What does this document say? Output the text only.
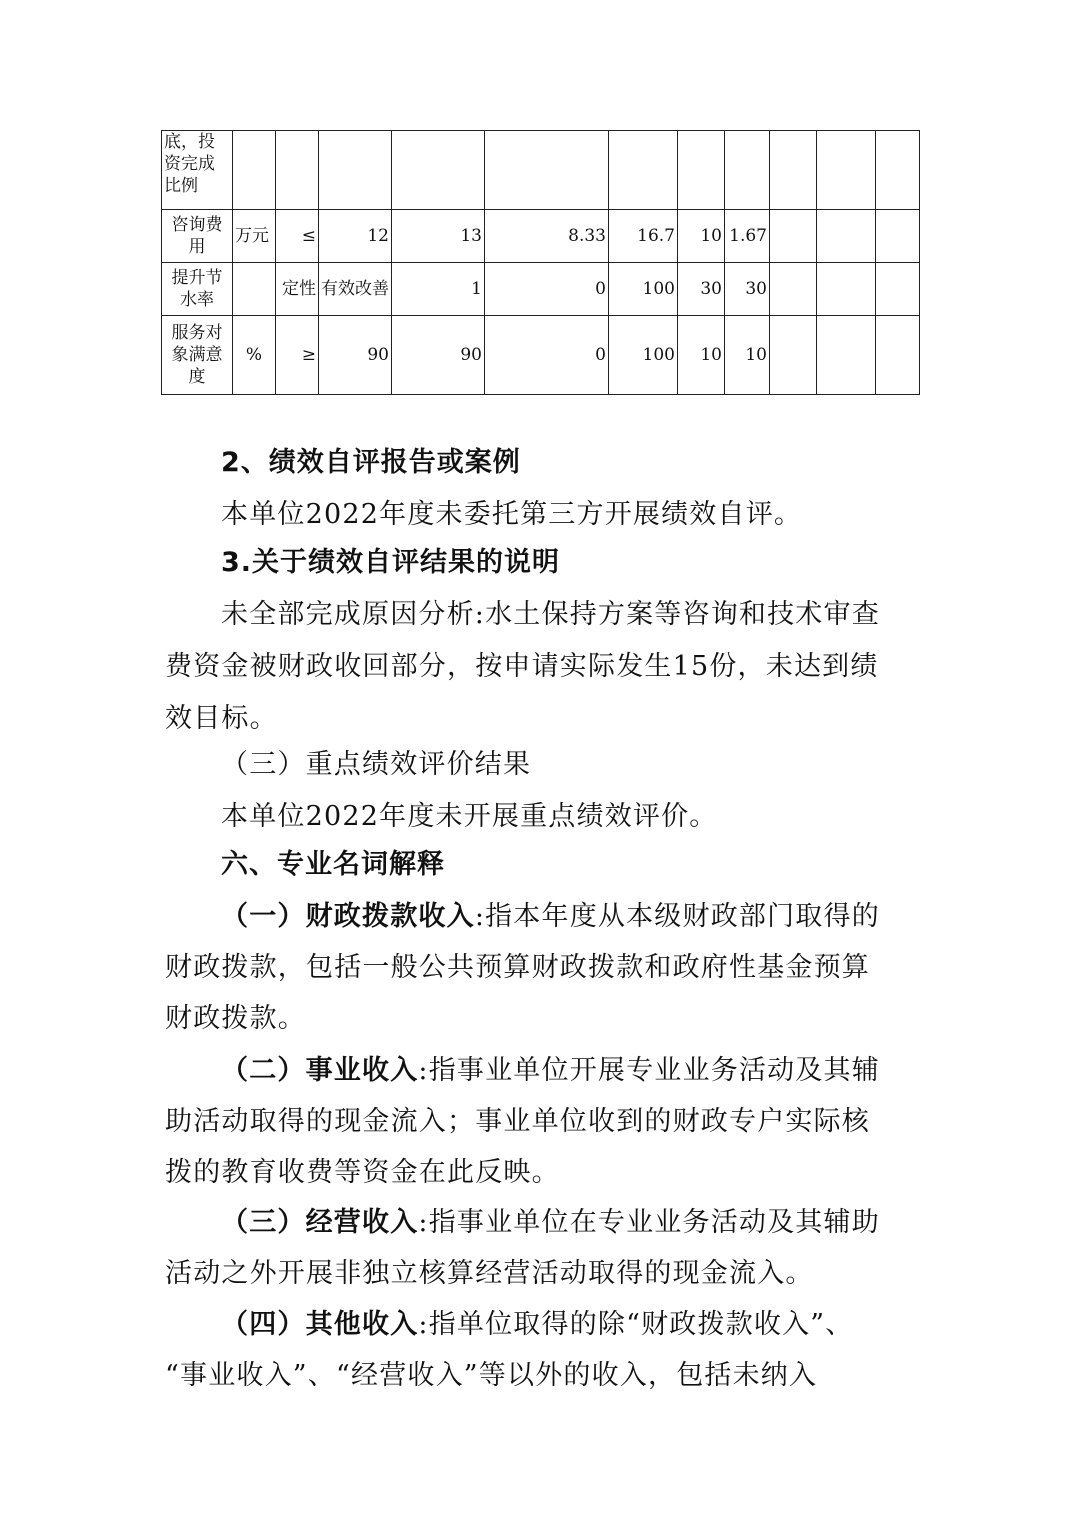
底，投资完成比例											
咨询费用	万元	≤	12	13	8.33	16.7	10	1.67			
提升节水率		定性	有效改善	1	0	100	30	30			
服务对象满意度	%	≥	90	90	0	100	10	10			
2、绩效自评报告或案例
本单位2022年度未委托第三方开展绩效自评。
3.关于绩效自评结果的说明
未全部完成原因分析:水土保持方案等咨询和技术审查
费资金被财政收回部分，按申请实际发生15份，未达到绩
效目标。
（三）重点绩效评价结果
本单位2022年度未开展重点绩效评价。
六、专业名词解释
（一）财政拨款收入:指本年度从本级财政部门取得的
财政拨款，包括一般公共预算财政拨款和政府性基金预算
财政拨款。
（二）事业收入:指事业单位开展专业业务活动及其辅
助活动取得的现金流入；事业单位收到的财政专户实际核
拨的教育收费等资金在此反映。
（三）经营收入:指事业单位在专业业务活动及其辅助
活动之外开展非独立核算经营活动取得的现金流入。
（四）其他收入:指单位取得的除“财政拨款收入”、
“事业收入”、“经营收入”等以外的收入，包括未纳入
